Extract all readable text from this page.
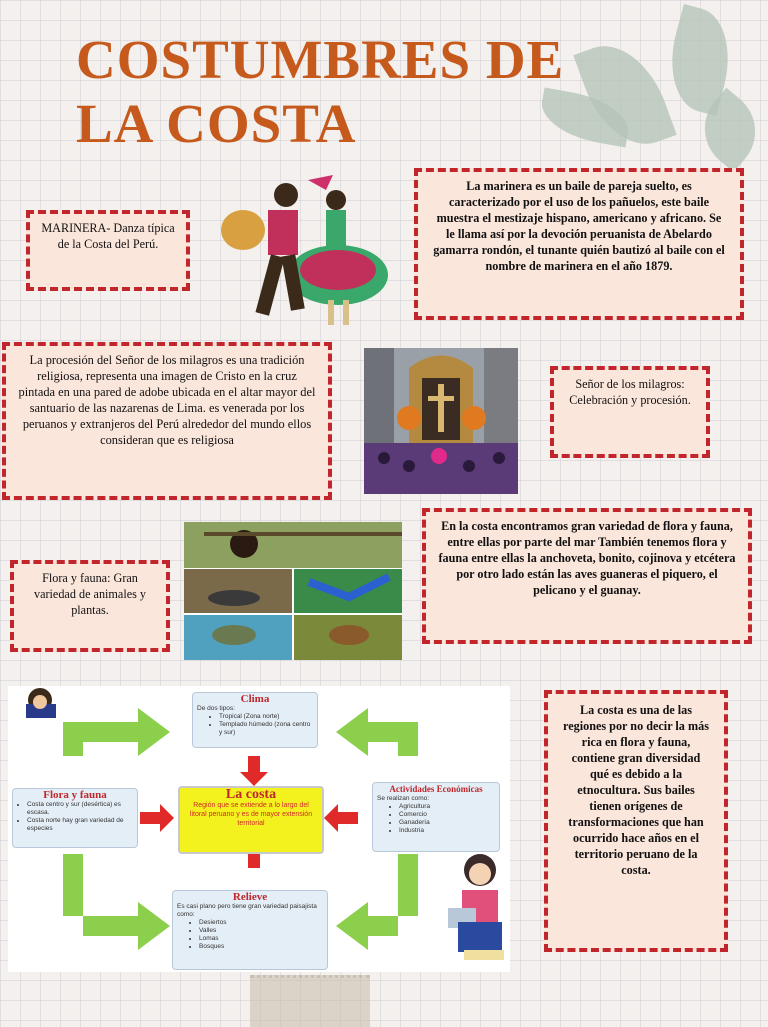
COSTUMBRES DE
LA COSTA

MARINERA- Danza típica de la Costa del Perú.

La marinera es un baile de pareja suelto, es caracterizado por el uso de los pañuelos, este baile muestra el mestizaje hispano, americano y africano. Se le llama así por la devoción peruanista de Abelardo gamarra rondón, el tunante quién bautizó al baile con el nombre de marinera en el año 1879.

La procesión del Señor de los milagros es una tradición religiosa, representa una imagen de Cristo en la cruz pintada en una pared de adobe ubicada en el altar mayor del santuario de las nazarenas de Lima. es venerada por los peruanos y extranjeros del Perú alrededor del mundo ellos consideran que es religiosa

Señor de los milagros: Celebración y procesión.

En la costa encontramos gran variedad de flora y fauna, entre ellas por parte del mar También tenemos flora y fauna entre ellas la anchoveta, bonito, cojinova y etcétera por otro lado están las aves guaneras el piquero, el pelicano y el guanay.

Flora y fauna: Gran variedad de animales y plantas.

La costa
Región que se extiende a lo largo del litoral peruano y es de mayor extensión territorial
Clima
De dos tipos:
• Tropical (Zona norte)
• Templado húmedo (zona centro y sur)
Flora y fauna
• Costa centro y sur (desértica) es escasa.
• Costa norte hay gran variedad de especies
Actividades Económicas
Se realizan como:
• Agricultura
• Comercio
• Ganadería
• Industria
Relieve
Es casi plano pero tiene gran variedad paisajista como:
• Desiertos
• Valles
• Lomas
• Bosques

La costa es una de las regiones por no decir la más rica en flora y fauna, contiene gran diversidad qué es debido a la etnocultura. Sus bailes tienen orígenes de transformaciones que han ocurrido hace años en el territorio peruano de la costa.
